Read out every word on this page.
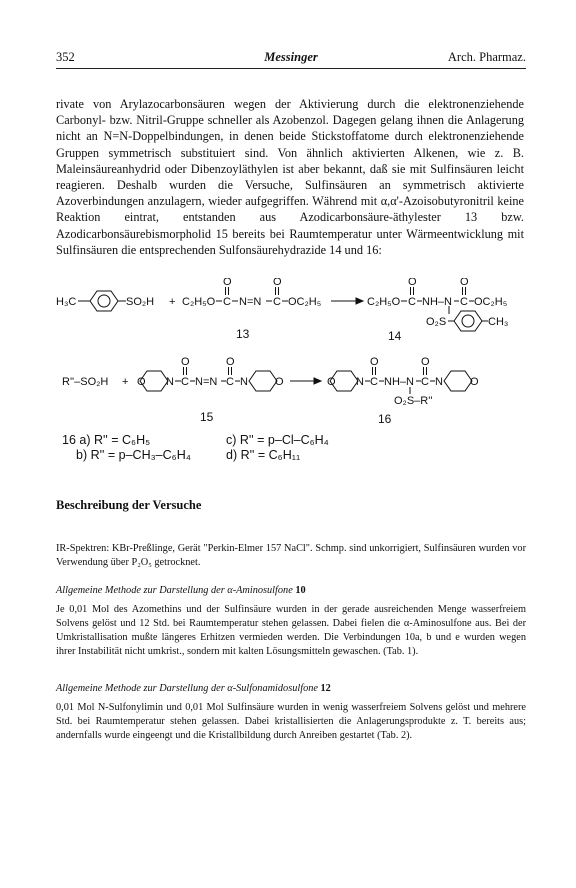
352	Messinger	Arch. Pharmaz.

rivate von Arylazocarbonsäuren wegen der Aktivierung durch die elektronenziehende Carbonyl- bzw. Nitril-Gruppe schneller als Azobenzol. Dagegen gelang ihnen die Anlagerung nicht an N=N-Doppelbindungen, in denen beide Stickstoffatome durch elektronenziehende Gruppen symmetrisch substituiert sind. Von ähnlich aktivierten Alkenen, wie z. B. Maleinsäureanhydrid oder Dibenzoyläthylen ist aber bekannt, daß sie mit Sulfinsäuren leicht reagieren. Deshalb wurden die Versuche, Sulfinsäuren an symmetrisch aktivierte Azoverbindungen anzulagern, wieder aufgegriffen. Während mit α,α'-Azoisobutyronitril keine Reaktion eintrat, entstanden aus Azodicarbonsäure-äthylester 13 bzw. Azodicarbonsäurebismorpholid 15 bereits bei Raumtemperatur unter Wärmeentwicklung mit Sulfinsäuren die entsprechenden Sulfonsäurehydrazide 14 und 16:

H₃C	SO₂H + C₂H₅O C
O
N=N C
O
OC₂H₅
13
C₂H₅O C
O
NH–N C
O
OC₂H₅
O₂S	CH₃
14
R''–SO₂H + O N C
O
N=N C
O
N O
15
O N C
O
NH–N C
O
N O
O₂S–R''
16
16 a) R'' = C₆H₅	c) R'' = p–Cl–C₆H₄
b) R'' = p–CH₃–C₆H₄	d) R'' = C₆H₁₁
Beschreibung der Versuche

IR-Spektren: KBr-Preßlinge, Gerät "Perkin-Elmer 157 NaCl". Schmp. sind unkorrigiert, Sulfinsäuren wurden vor Verwendung über P₂O₅ getrocknet.

Allgemeine Methode zur Darstellung der α-Aminosulfone 10

Je 0,01 Mol des Azomethins und der Sulfinsäure wurden in der gerade ausreichenden Menge wasserfreiem Solvens gelöst und 12 Std. bei Raumtemperatur stehen gelassen. Dabei fielen die α-Aminosulfone aus. Bei der Umkristallisation mußte längeres Erhitzen vermieden werden. Die Verbindungen 10a, b und e wurden wegen ihrer Instabilität nicht umkrist., sondern mit kalten Lösungsmitteln gewaschen. (Tab. 1).

Allgemeine Methode zur Darstellung der α-Sulfonamidosulfone 12

0,01 Mol N-Sulfonylimin und 0,01 Mol Sulfinsäure wurden in wenig wasserfreiem Solvens gelöst und mehrere Std. bei Raumtemperatur stehen gelassen. Dabei kristallisierten die Anlagerungsprodukte z. T. bereits aus; andernfalls wurde eingeengt und die Kristallbildung durch Anreiben gestartet (Tab. 2).
